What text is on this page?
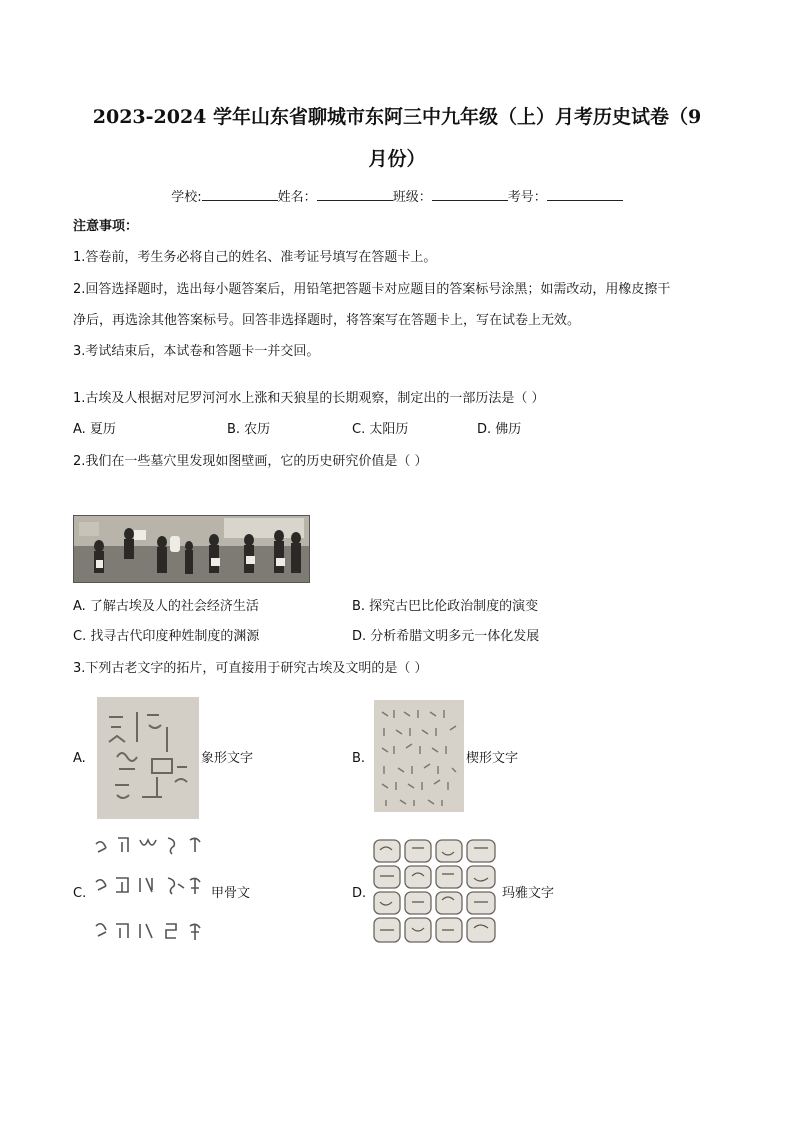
2023-2024 学年山东省聊城市东阿三中九年级（上）月考历史试卷（9
月份）
学校:	姓名：	班级：	考号：
注意事项：
1.答卷前，考生务必将自己的姓名、准考证号填写在答题卡上。
2.回答选择题时，选出每小题答案后，用铅笔把答题卡对应题目的答案标号涂黑；如需改动，用橡皮擦干
净后，再选涂其他答案标号。回答非选择题时，将答案写在答题卡上，写在试卷上无效。
3.考试结束后，本试卷和答题卡一并交回。
1.古埃及人根据对尼罗河河水上涨和天狼星的长期观察，制定出的一部历法是（ ）
A. 夏历	B. 农历	C. 太阳历	D. 佛历
2.我们在一些墓穴里发现如图壁画，它的历史研究价值是（ ）
A. 了解古埃及人的社会经济生活	B. 探究古巴比伦政治制度的演变
C. 找寻古代印度种姓制度的渊源	D. 分析希腊文明多元一体化发展
3.下列古老文字的拓片，可直接用于研究古埃及文明的是（ ）
A.	象形文字	B.	楔形文字
C.	甲骨文	D.	玛雅文字
